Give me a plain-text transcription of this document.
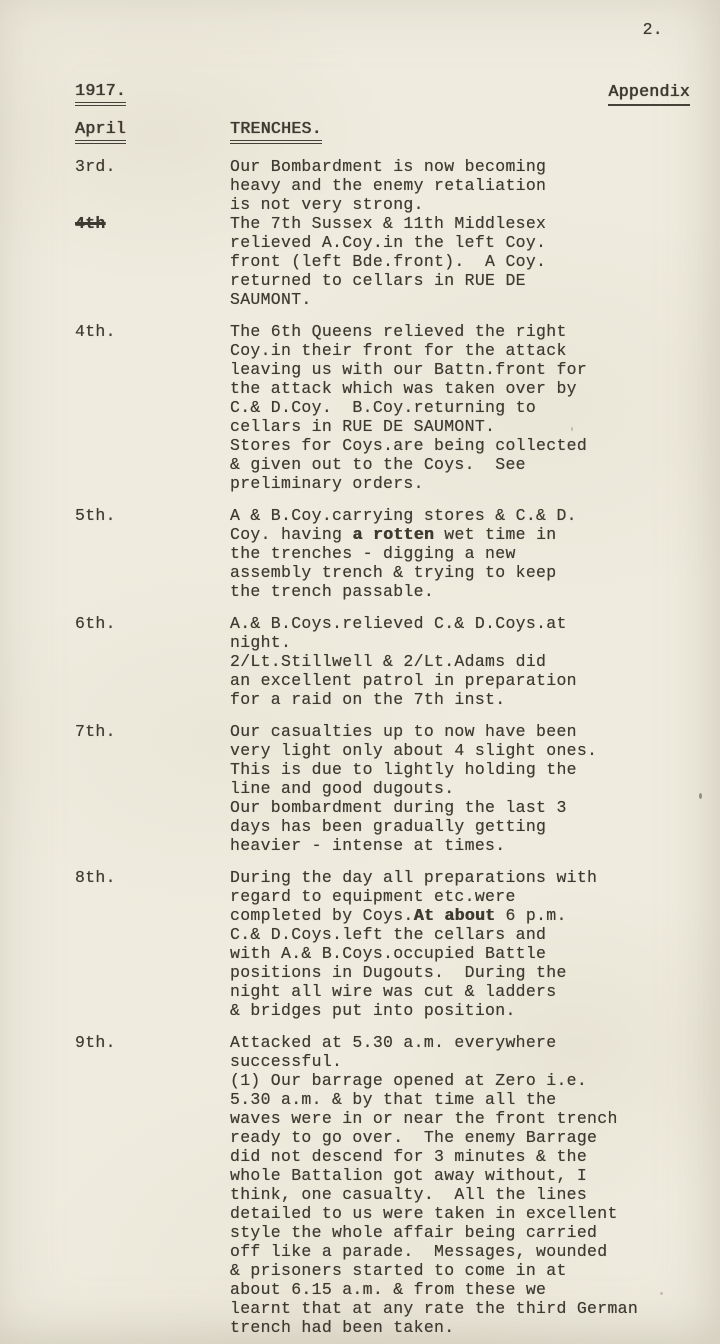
2.
1917.	Appendix
April	TRENCHES.
3rd.	Our Bombardment is now becoming
heavy and the enemy retaliation
is not very strong.
4th	The 7th Sussex & 11th Middlesex
relieved A.Coy.in the left Coy.
front (left Bde.front).  A Coy.
returned to cellars in RUE DE
SAUMONT.
4th.	The 6th Queens relieved the right
Coy.in their front for the attack
leaving us with our Battn.front for
the attack which was taken over by
C.& D.Coy.  B.Coy.returning to
cellars in RUE DE SAUMONT.
Stores for Coys.are being collected
& given out to the Coys.  See
preliminary orders.
5th.	A & B.Coy.carrying stores & C.& D.
Coy. having a rotten wet time in
the trenches - digging a new
assembly trench & trying to keep
the trench passable.
6th.	A.& B.Coys.relieved C.& D.Coys.at
night.
2/Lt.Stillwell & 2/Lt.Adams did
an excellent patrol in preparation
for a raid on the 7th inst.
7th.	Our casualties up to now have been
very light only about 4 slight ones.
This is due to lightly holding the
line and good dugouts.
Our bombardment during the last 3
days has been gradually getting
heavier - intense at times.
8th.	During the day all preparations with
regard to equipment etc.were
completed by Coys.At about 6 p.m.
C.& D.Coys.left the cellars and
with A.& B.Coys.occupied Battle
positions in Dugouts.  During the
night all wire was cut & ladders
& bridges put into position.
9th.	Attacked at 5.30 a.m. everywhere
successful.
(1) Our barrage opened at Zero i.e.
5.30 a.m. & by that time all the
waves were in or near the front trench
ready to go over.  The enemy Barrage
did not descend for 3 minutes & the
whole Battalion got away without, I
think, one casualty.  All the lines
detailed to us were taken in excellent
style the whole affair being carried
off like a parade.  Messages, wounded
& prisoners started to come in at
about 6.15 a.m. & from these we
learnt that at any rate the third German
trench had been taken.
